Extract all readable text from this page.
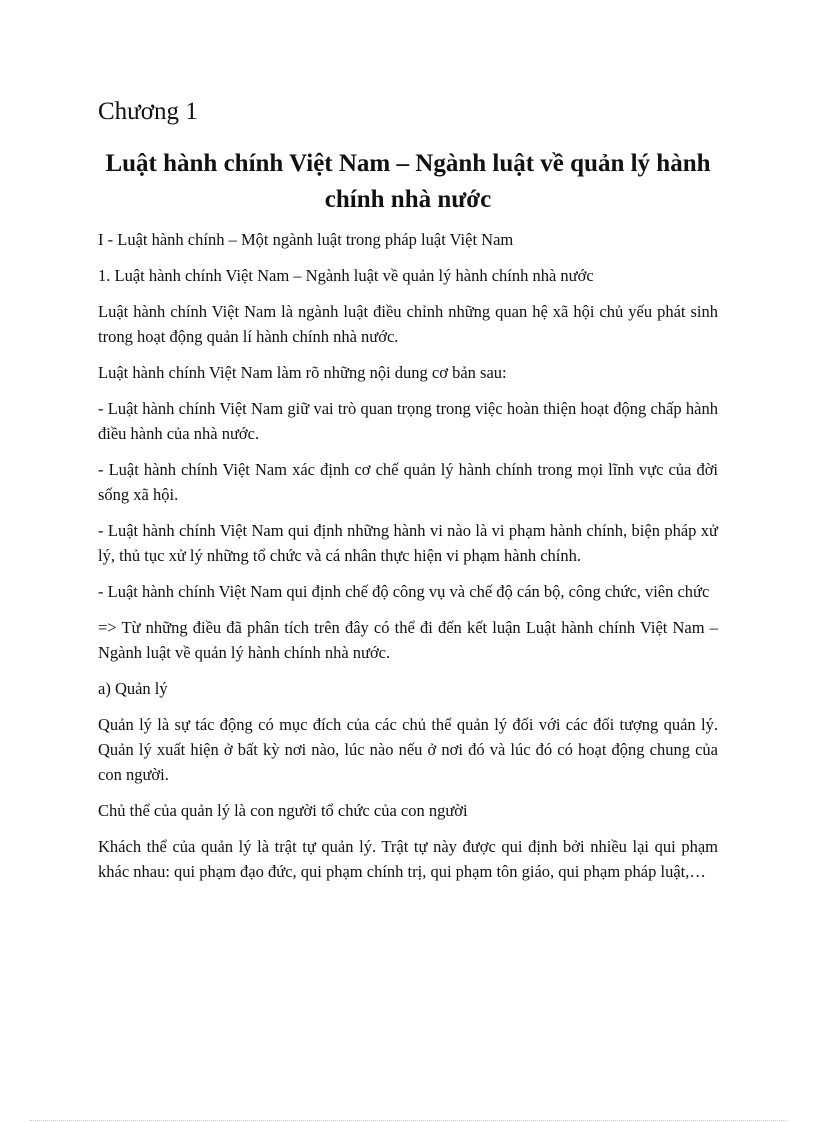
Chương 1
Luật hành chính Việt Nam – Ngành luật về quản lý hành chính nhà nước

I - Luật hành chính – Một ngành luật trong pháp luật Việt Nam

1. Luật hành chính Việt Nam – Ngành luật về quản lý hành chính nhà nước

Luật hành chính Việt Nam là ngành luật điều chỉnh những quan hệ xã hội chủ yếu phát sinh trong hoạt động quản lí hành chính nhà nước.

Luật hành chính Việt Nam làm rõ những nội dung cơ bản sau:

- Luật hành chính Việt Nam giữ vai trò quan trọng trong việc hoàn thiện hoạt động chấp hành điều hành của nhà nước.

- Luật hành chính Việt Nam xác định cơ chế quản lý hành chính trong mọi lĩnh vực của đời sống xã hội.

- Luật hành chính Việt Nam qui định những hành vi nào là vi phạm hành chính, biện pháp xử lý, thủ tục xử lý những tổ chức và cá nhân thực hiện vi phạm hành chính.

- Luật hành chính Việt Nam qui định chế độ công vụ và chế độ cán bộ, công chức, viên chức

=> Từ những điều đã phân tích trên đây có thể đi đến kết luận Luật hành chính Việt Nam – Ngành luật về quản lý hành chính nhà nước.

a) Quản lý

Quản lý là sự tác động có mục đích của các chủ thể quản lý đối với các đối tượng quản lý. Quản lý xuất hiện ở bất kỳ nơi nào, lúc nào nếu ở nơi đó và lúc đó có hoạt động chung của con người.

Chủ thể của quản lý là con người tổ chức của con người

Khách thể của quản lý là trật tự quản lý. Trật tự này được qui định bởi nhiều lại qui phạm khác nhau: qui phạm đạo đức, qui phạm chính trị, qui phạm tôn giáo, qui phạm pháp luật,…
